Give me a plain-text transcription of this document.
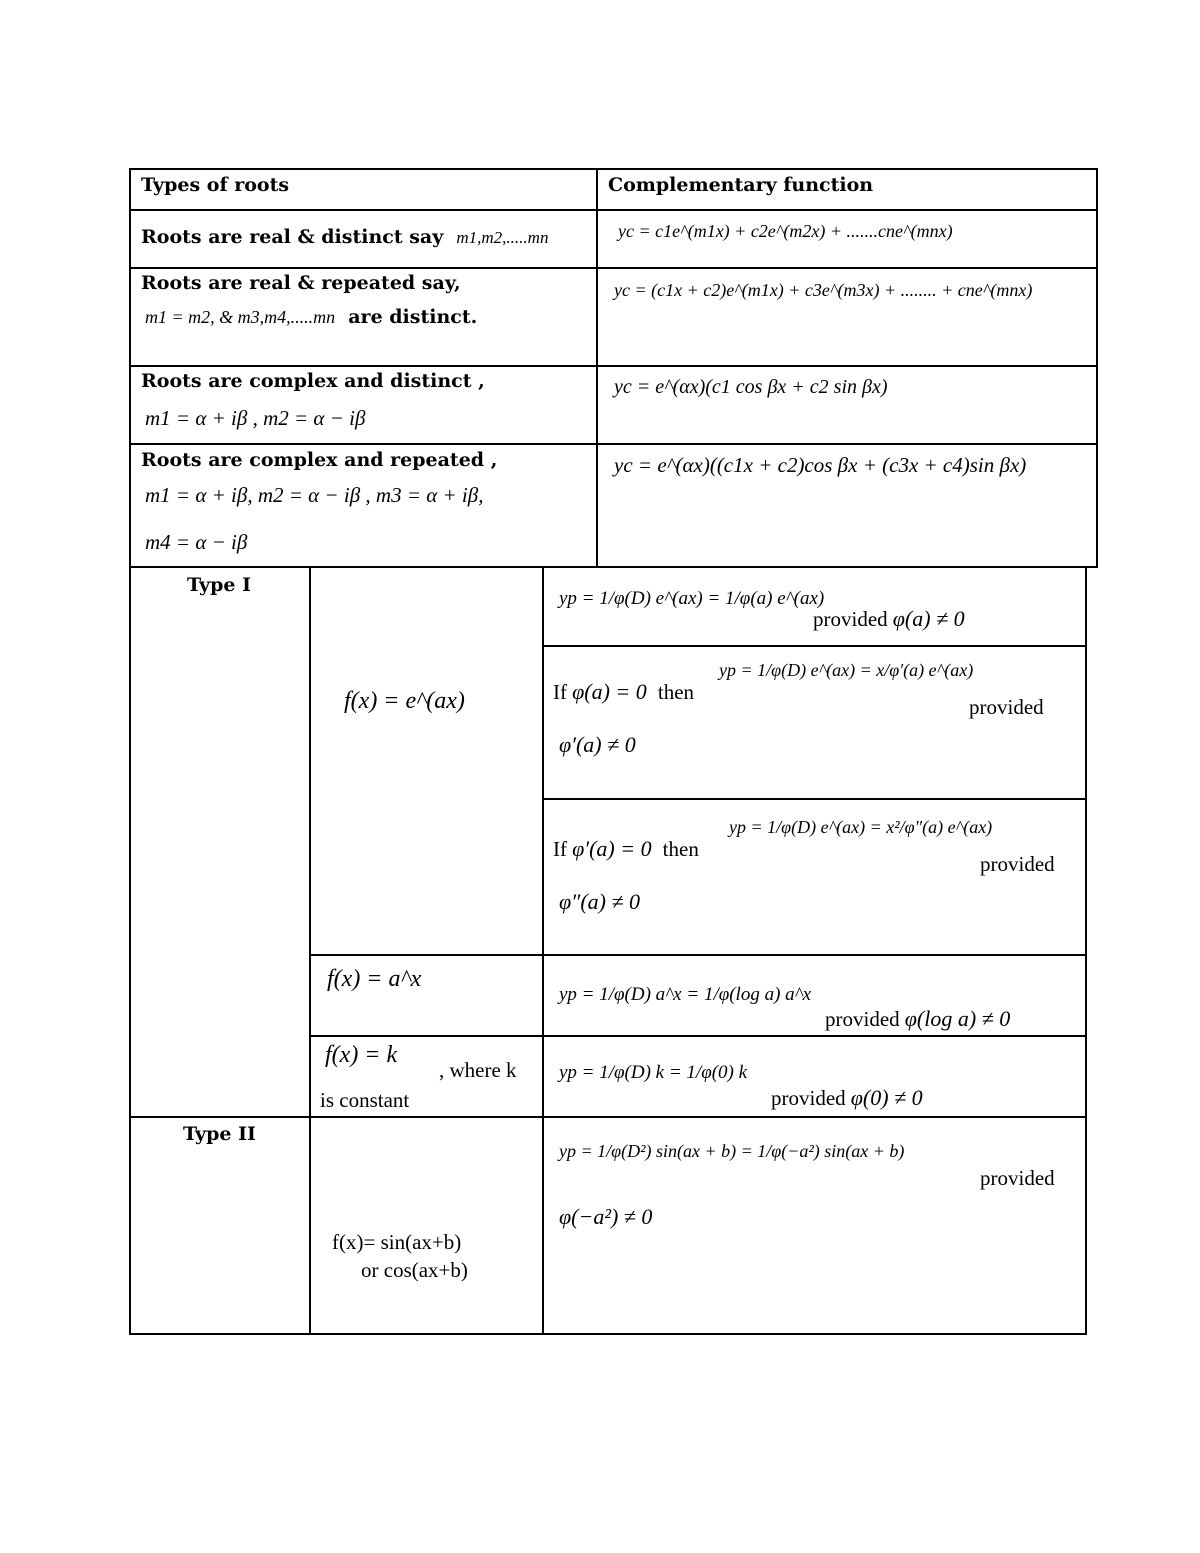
Types of roots	Complementary function
Roots are real & distinct say m1,m2,.....mn	yc = c1e^(m1x) + c2e^(m2x) + .......cne^(mnx)
Roots are real & repeated say,
m1 = m2, & m3,m4,.....mn are distinct.
yc = (c1x + c2)e^(m1x) + c3e^(m3x) + ........ + cne^(mnx)
Roots are complex and distinct ,
m1 = α + iβ , m2 = α − iβ
yc = e^(αx)(c1 cos βx + c2 sin βx)
Roots are complex and repeated ,
m1 = α + iβ, m2 = α − iβ , m3 = α + iβ,
m4 = α − iβ
yc = e^(αx)((c1x + c2)cos βx + (c3x + c4)sin βx)
Type I
Type II
f(x) = e^(ax)
yp = 1/φ(D) e^(ax) = 1/φ(a) e^(ax)
provided φ(a) ≠ 0
If φ(a) = 0 then
yp = 1/φ(D) e^(ax) = x/φ′(a) e^(ax)
provided
φ′(a) ≠ 0
If φ′(a) = 0 then
yp = 1/φ(D) e^(ax) = x²/φ″(a) e^(ax)
provided
φ″(a) ≠ 0
f(x) = a^x
yp = 1/φ(D) a^x = 1/φ(log a) a^x
provided φ(log a) ≠ 0
f(x) = k
, where k
is constant
yp = 1/φ(D) k = 1/φ(0) k
provided φ(0) ≠ 0
f(x)= sin(ax+b)
or cos(ax+b)
yp = 1/φ(D²) sin(ax + b) = 1/φ(−a²) sin(ax + b)
provided
φ(−a²) ≠ 0
